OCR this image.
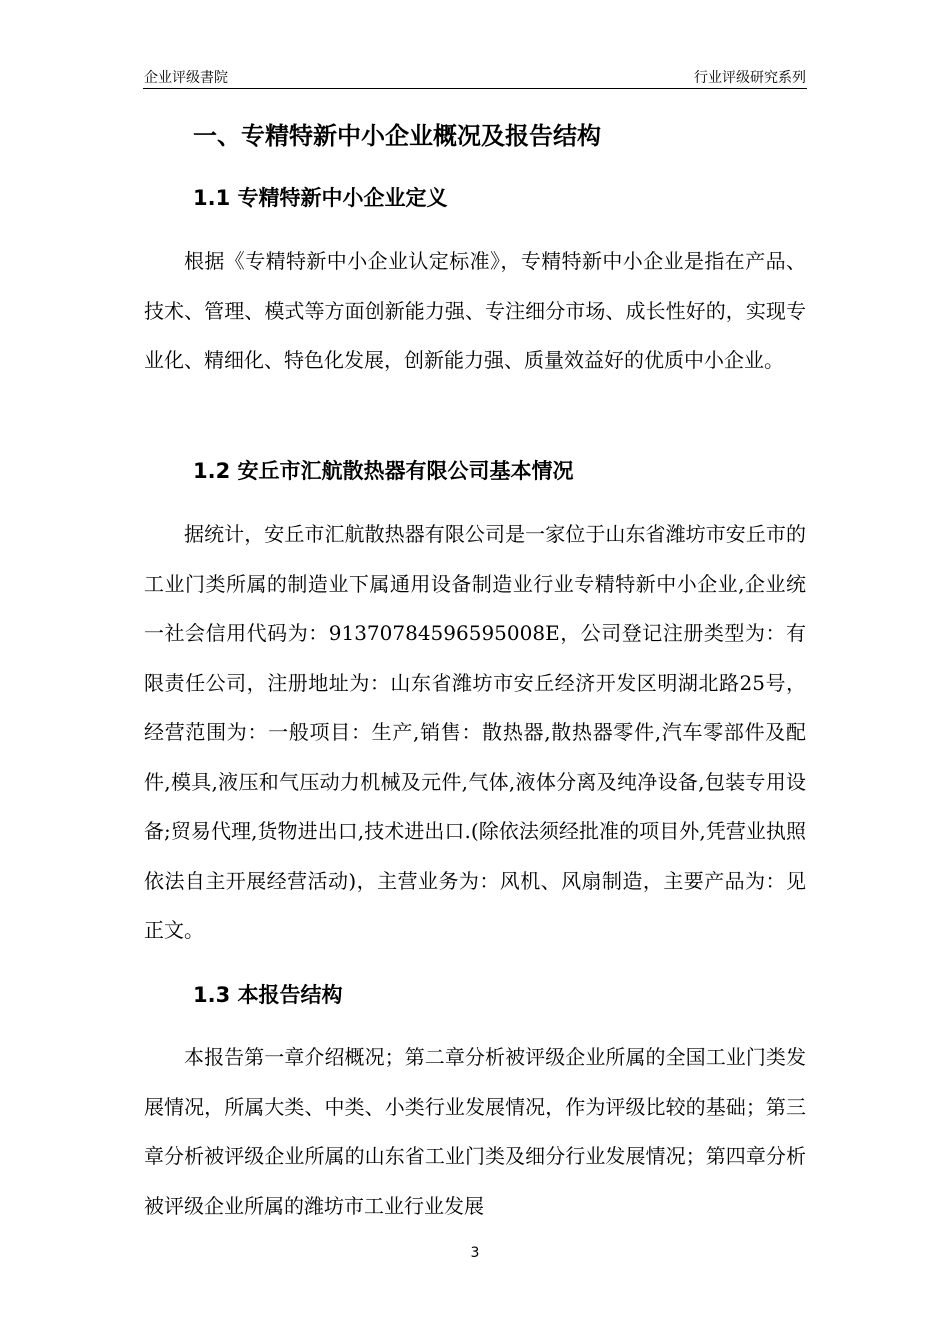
企业评级書院	行业评级研究系列
一、专精特新中小企业概况及报告结构
1.1 专精特新中小企业定义

根据《专精特新中小企业认定标准》，专精特新中小企业是指在产品、技术、管理、模式等方面创新能力强、专注细分市场、成长性好的，实现专业化、精细化、特色化发展，创新能力强、质量效益好的优质中小企业。

1.2 安丘市汇航散热器有限公司基本情况

据统计，安丘市汇航散热器有限公司是一家位于山东省潍坊市安丘市的工业门类所属的制造业下属通用设备制造业行业专精特新中小企业,企业统一社会信用代码为：91370784596595008E，公司登记注册类型为：有限责任公司，注册地址为：山东省潍坊市安丘经济开发区明湖北路25号，经营范围为：一般项目：生产,销售：散热器,散热器零件,汽车零部件及配件,模具,液压和气压动力机械及元件,气体,液体分离及纯净设备,包装专用设备;贸易代理,货物进出口,技术进出口.(除依法须经批准的项目外,凭营业执照依法自主开展经营活动)，主营业务为：风机、风扇制造，主要产品为：见正文。

1.3 本报告结构

本报告第一章介绍概况；第二章分析被评级企业所属的全国工业门类发展情况，所属大类、中类、小类行业发展情况，作为评级比较的基础；第三章分析被评级企业所属的山东省工业门类及细分行业发展情况；第四章分析被评级企业所属的潍坊市工业行业发展

3
